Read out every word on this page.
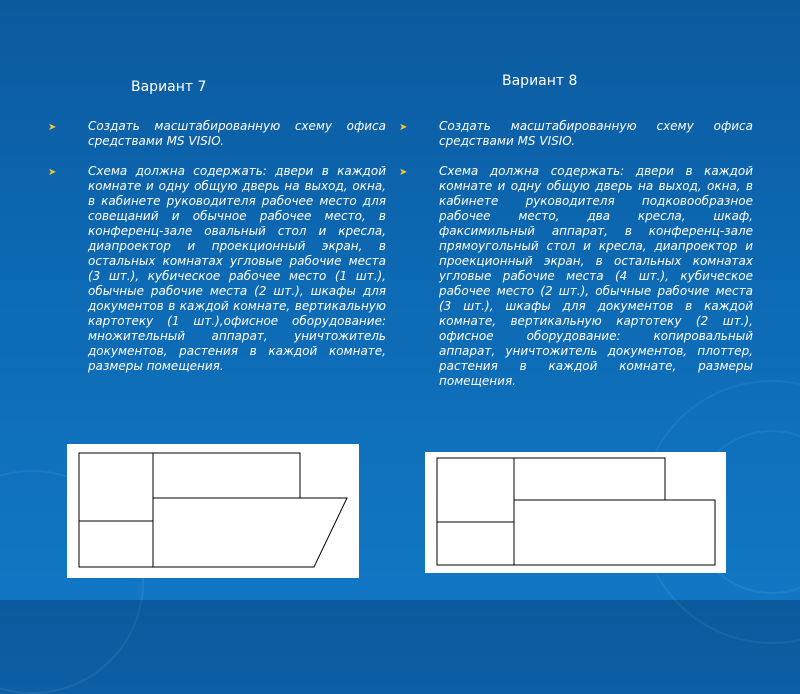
Вариант 7
➤	Создать масштабированную схему офиса средствами MS VISIO.
➤	Схема должна содержать: двери в каждой комнате и одну общую дверь на выход, окна, в кабинете руководителя рабочее место для совещаний и обычное рабочее место, в конференц-зале овальный стол и кресла, диапроектор и проекционный экран, в остальных комнатах угловые рабочие места (3 шт.), кубическое рабочее место (1 шт.), обычные рабочие места (2 шт.), шкафы для документов в каждой комнате, вертикальную картотеку (1 шт.),офисное оборудование: множительный аппарат, уничтожитель документов, растения в каждой комнате, размеры помещения.
Вариант 8
➤	Создать масштабированную схему офиса средствами MS VISIO.
➤	Схема должна содержать: двери в каждой комнате и одну общую дверь на выход, окна, в кабинете руководителя подковообразное рабочее место, два кресла, шкаф, факсимильный аппарат, в конференц-зале прямоугольный стол и кресла, диапроектор и проекционный экран, в остальных комнатах угловые рабочие места (4 шт.), кубическое рабочее место (2 шт.), обычные рабочие места (3 шт.), шкафы для документов в каждой комнате, вертикальную картотеку (2 шт.), офисное оборудование: копировальный аппарат, уничтожитель документов, плоттер, растения в каждой комнате, размеры помещения.
